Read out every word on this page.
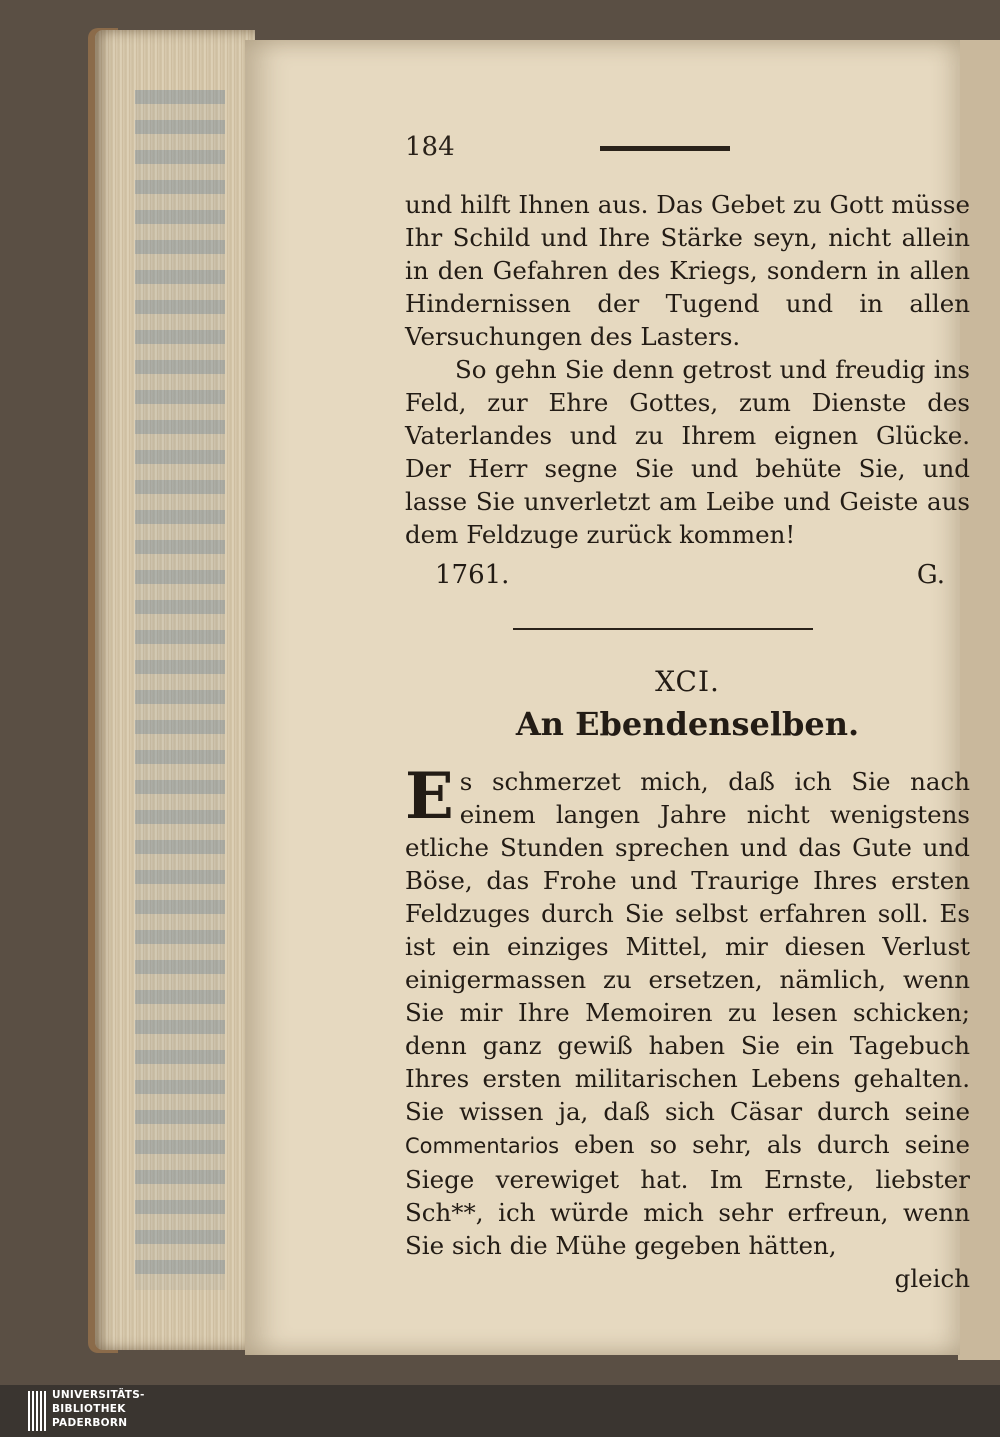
184

und hilft Ihnen aus. Das Gebet zu Gott müsse Ihr Schild und Ihre Stärke seyn, nicht allein in den Gefahren des Kriegs, sondern in allen Hindernissen der Tugend und in allen Versuchungen des Lasters.

So gehn Sie denn getrost und freudig ins Feld, zur Ehre Gottes, zum Dienste des Vaterlandes und zu Ihrem eignen Glücke. Der Herr segne Sie und behüte Sie, und lasse Sie unverletzt am Leibe und Geiste aus dem Feldzuge zurück kommen!

1761.	G.
XCI.
An Ebendenselben.

Es schmerzet mich, daß ich Sie nach einem langen Jahre nicht wenigstens etliche Stunden sprechen und das Gute und Böse, das Frohe und Traurige Ihres ersten Feldzuges durch Sie selbst erfahren soll. Es ist ein einziges Mittel, mir diesen Verlust einigermassen zu ersetzen, nämlich, wenn Sie mir Ihre Memoiren zu lesen schicken; denn ganz gewiß haben Sie ein Tagebuch Ihres ersten militarischen Lebens gehalten. Sie wissen ja, daß sich Cäsar durch seine Commentarios eben so sehr, als durch seine Siege verewiget hat. Im Ernste, liebster Sch**, ich würde mich sehr erfreun, wenn Sie sich die Mühe gegeben hätten,

gleich

UNIVERSITÄTS-
BIBLIOTHEK
PADERBORN
